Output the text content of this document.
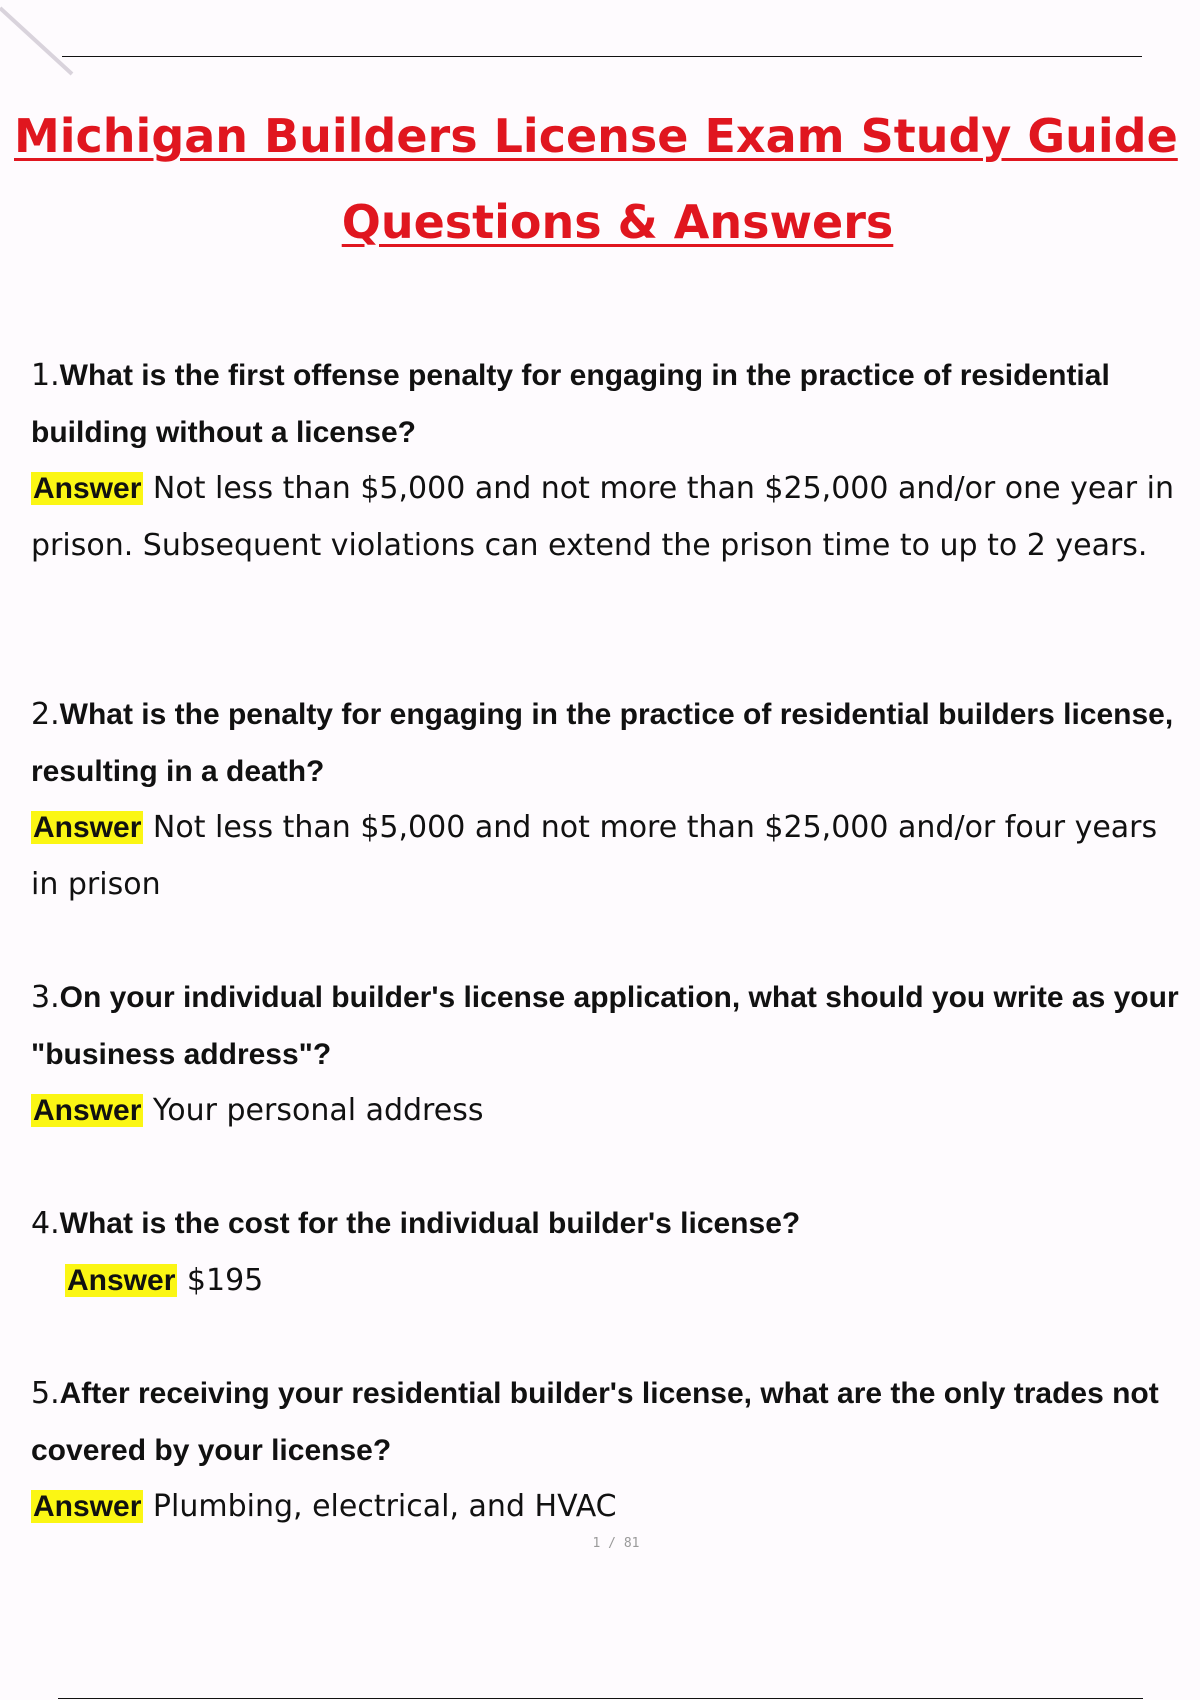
Michigan Builders License Exam Study Guide
Questions & Answers

1.What is the first offense penalty for engaging in the practice of residential building without a license?

Answer Not less than $5,000 and not more than $25,000 and/or one year in prison. Subsequent violations can extend the prison time to up to 2 years.

2.What is the penalty for engaging in the practice of residential builders license, resulting in a death?

Answer Not less than $5,000 and not more than $25,000 and/or four years in prison

3.On your individual builder's license application, what should you write as your "business address"?

Answer Your personal address

4.What is the cost for the individual builder's license?

Answer $195

5.After receiving your residential builder's license, what are the only trades not covered by your license?

Answer Plumbing, electrical, and HVAC

1 / 81
